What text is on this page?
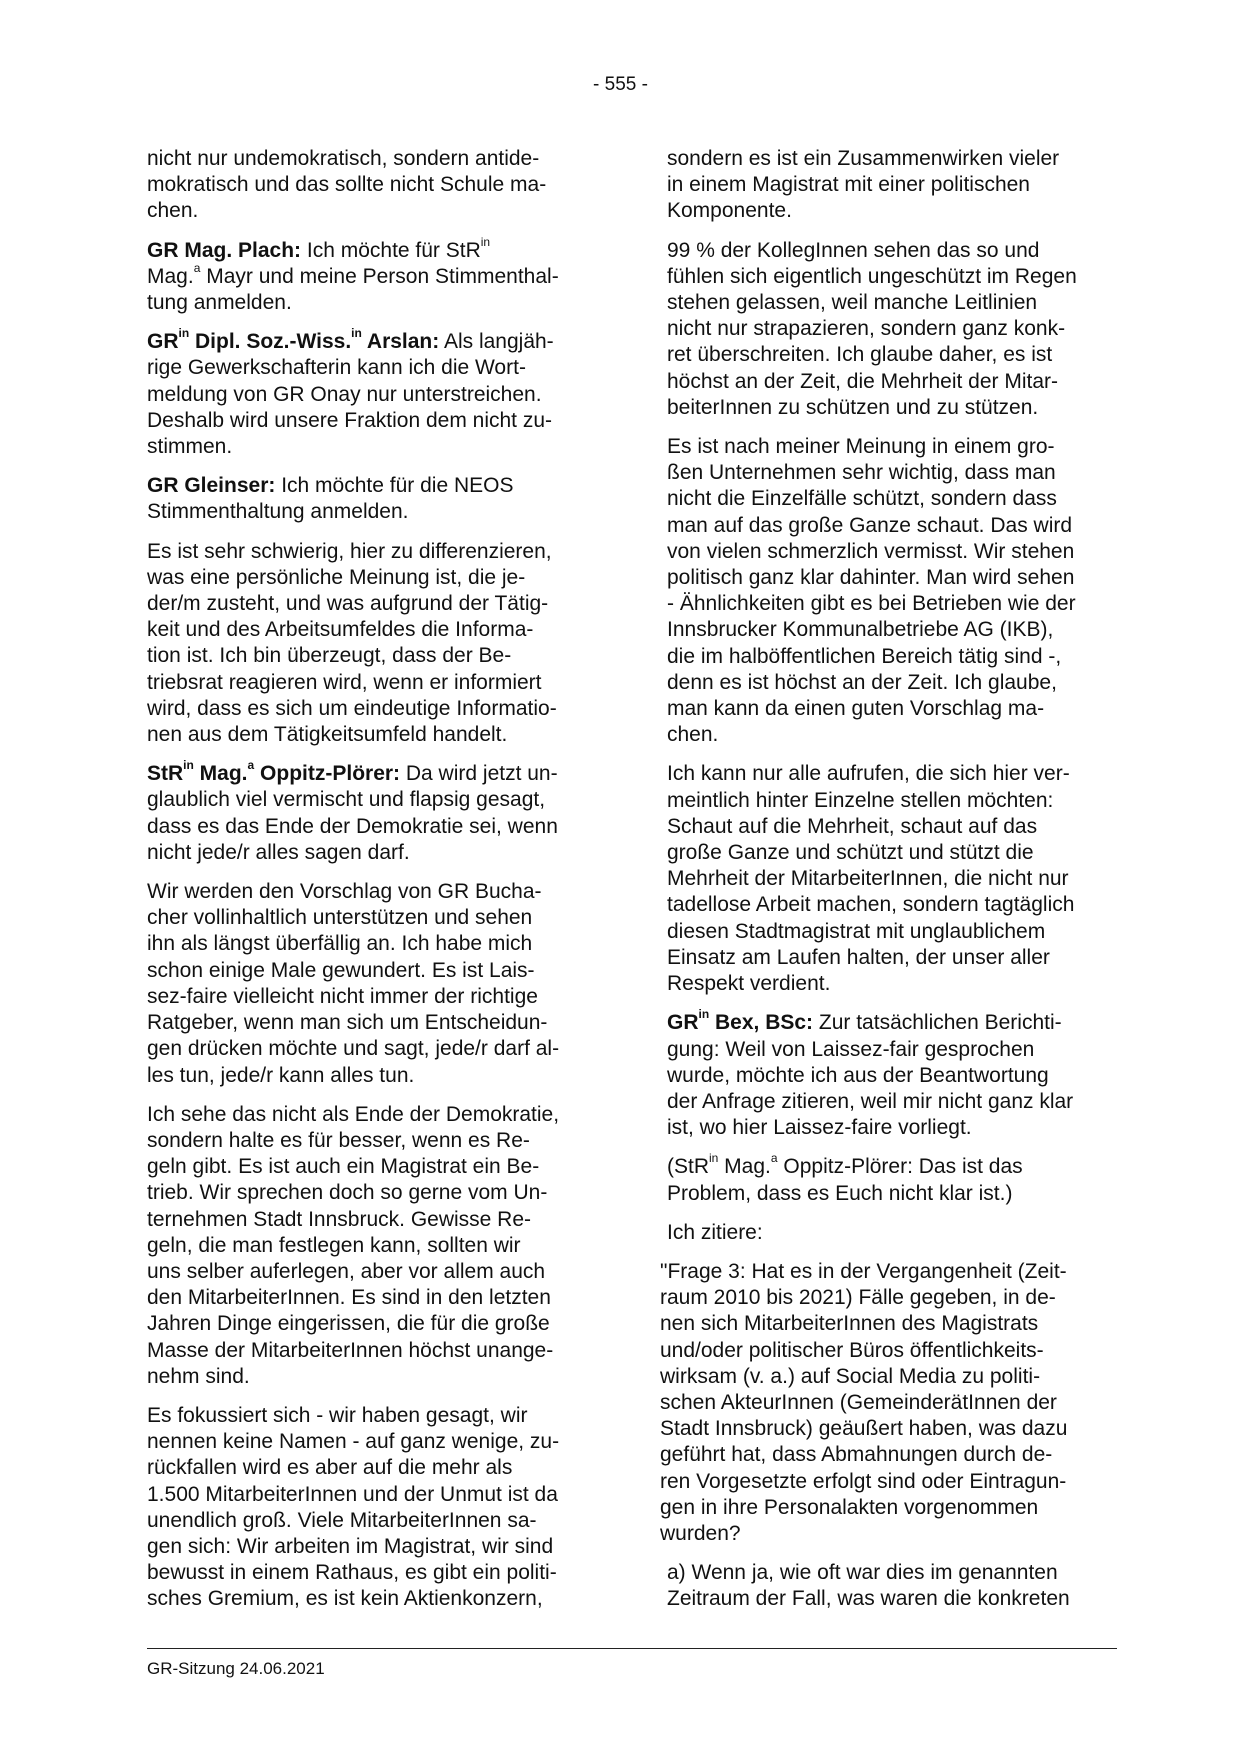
- 555 -

nicht nur undemokratisch, sondern antide-
mokratisch und das sollte nicht Schule ma-
chen.

GR Mag. Plach: Ich möchte für StR$^{in}$
Mag.$^a$ Mayr und meine Person Stimmenthal-
tung anmelden.

$GR^{in}$ Dipl. Soz.-Wiss.$^{in}$ Arslan: Als langjäh-
rige Gewerkschafterin kann ich die Wort-
meldung von GR Onay nur unterstreichen.
Deshalb wird unsere Fraktion dem nicht zu-
stimmen.

GR Gleinser: Ich möchte für die NEOS
Stimmenthaltung anmelden.

Es ist sehr schwierig, hier zu differenzieren,
was eine persönliche Meinung ist, die je-
der/m zusteht, und was aufgrund der Tätig-
keit und des Arbeitsumfeldes die Informa-
tion ist. Ich bin überzeugt, dass der Be-
triebsrat reagieren wird, wenn er informiert
wird, dass es sich um eindeutige Informatio-
nen aus dem Tätigkeitsumfeld handelt.

StR$^{in}$ Mag.$^a$ Oppitz-Plörer: Da wird jetzt un-
glaublich viel vermischt und flapsig gesagt,
dass es das Ende der Demokratie sei, wenn
nicht jede/r alles sagen darf.

Wir werden den Vorschlag von GR Bucha-
cher vollinhaltlich unterstützen und sehen
ihn als längst überfällig an. Ich habe mich
schon einige Male gewundert. Es ist Lais-
sez-faire vielleicht nicht immer der richtige
Ratgeber, wenn man sich um Entscheidun-
gen drücken möchte und sagt, jede/r darf al-
les tun, jede/r kann alles tun.

Ich sehe das nicht als Ende der Demokratie,
sondern halte es für besser, wenn es Re-
geln gibt. Es ist auch ein Magistrat ein Be-
trieb. Wir sprechen doch so gerne vom Un-
ternehmen Stadt Innsbruck. Gewisse Re-
geln, die man festlegen kann, sollten wir
uns selber auferlegen, aber vor allem auch
den MitarbeiterInnen. Es sind in den letzten
Jahren Dinge eingerissen, die für die große
Masse der MitarbeiterInnen höchst unange-
nehm sind.

Es fokussiert sich - wir haben gesagt, wir
nennen keine Namen - auf ganz wenige, zu-
rückfallen wird es aber auf die mehr als
1.500 MitarbeiterInnen und der Unmut ist da
unendlich groß. Viele MitarbeiterInnen sa-
gen sich: Wir arbeiten im Magistrat, wir sind
bewusst in einem Rathaus, es gibt ein politi-
sches Gremium, es ist kein Aktienkonzern,

sondern es ist ein Zusammenwirken vieler
in einem Magistrat mit einer politischen
Komponente.

99 % der KollegInnen sehen das so und
fühlen sich eigentlich ungeschützt im Regen
stehen gelassen, weil manche Leitlinien
nicht nur strapazieren, sondern ganz konk-
ret überschreiten. Ich glaube daher, es ist
höchst an der Zeit, die Mehrheit der Mitar-
beiterInnen zu schützen und zu stützen.

Es ist nach meiner Meinung in einem gro-
ßen Unternehmen sehr wichtig, dass man
nicht die Einzelfälle schützt, sondern dass
man auf das große Ganze schaut. Das wird
von vielen schmerzlich vermisst. Wir stehen
politisch ganz klar dahinter. Man wird sehen
- Ähnlichkeiten gibt es bei Betrieben wie der
Innsbrucker Kommunalbetriebe AG (IKB),
die im halböffentlichen Bereich tätig sind -,
denn es ist höchst an der Zeit. Ich glaube,
man kann da einen guten Vorschlag ma-
chen.

Ich kann nur alle aufrufen, die sich hier ver-
meintlich hinter Einzelne stellen möchten:
Schaut auf die Mehrheit, schaut auf das
große Ganze und schützt und stützt die
Mehrheit der MitarbeiterInnen, die nicht nur
tadellose Arbeit machen, sondern tagtäglich
diesen Stadtmagistrat mit unglaublichem
Einsatz am Laufen halten, der unser aller
Respekt verdient.

$GR^{in}$ Bex, BSc: Zur tatsächlichen Berichti-
gung: Weil von Laissez-fair gesprochen
wurde, möchte ich aus der Beantwortung
der Anfrage zitieren, weil mir nicht ganz klar
ist, wo hier Laissez-faire vorliegt.

(StR$^{in}$ Mag.$^a$ Oppitz-Plörer: Das ist das
Problem, dass es Euch nicht klar ist.)

Ich zitiere:

"Frage 3: Hat es in der Vergangenheit (Zeit-
raum 2010 bis 2021) Fälle gegeben, in de-
nen sich MitarbeiterInnen des Magistrats
und/oder politischer Büros öffentlichkeits-
wirksam (v. a.) auf Social Media zu politi-
schen AkteurInnen (GemeinderätInnen der
Stadt Innsbruck) geäußert haben, was dazu
geführt hat, dass Abmahnungen durch de-
ren Vorgesetzte erfolgt sind oder Eintragun-
gen in ihre Personalakten vorgenommen
wurden?

a) Wenn ja, wie oft war dies im genannten
Zeitraum der Fall, was waren die konkreten

GR-Sitzung 24.06.2021
